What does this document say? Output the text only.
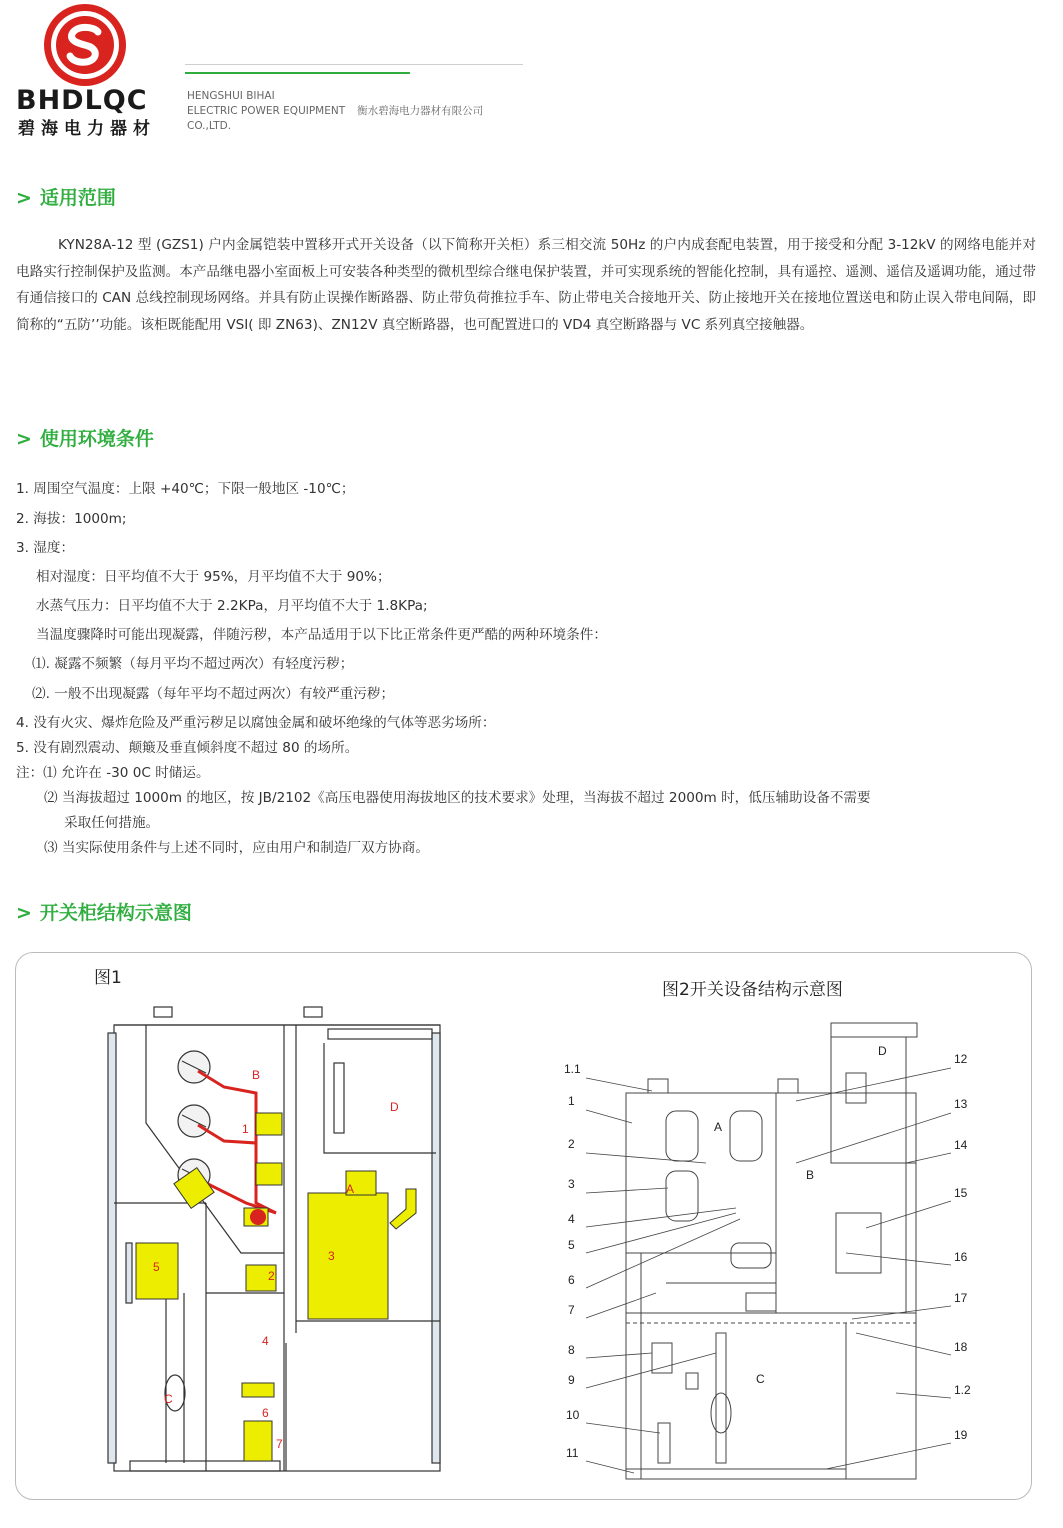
BHDLQC
碧海电力器材
HENGSHUI BIHAI
ELECTRIC POWER EQUIPMENT 衡水碧海电力器材有限公司
CO.,LTD.
> 适用范围
KYN28A-12 型 (GZS1) 户内金属铠装中置移开式开关设备（以下简称开关柜）系三相交流 50Hz 的户内成套配电装置，用于接受和分配 3-12kV 的网络电能并对电路实行控制保护及监测。本产品继电器小室面板上可安装各种类型的微机型综合继电保护装置，并可实现系统的智能化控制，具有遥控、遥测、遥信及遥调功能，通过带有通信接口的 CAN 总线控制现场网络。并具有防止误操作断路器、防止带负荷推拉手车、防止带电关合接地开关、防止接地开关在接地位置送电和防止误入带电间隔，即简称的“五防’’功能。该柜既能配用 VSI( 即 ZN63)、ZN12V 真空断路器，也可配置进口的 VD4 真空断路器与 VC 系列真空接触器。
> 使用环境条件
1. 周围空气温度：上限 +40℃；下限一般地区 -10℃；
2. 海拔：1000m;
3. 湿度：
相对湿度：日平均值不大于 95%，月平均值不大于 90%；
水蒸气压力：日平均值不大于 2.2KPa，月平均值不大于 1.8KPa;
当温度骤降时可能出现凝露，伴随污秽，本产品适用于以下比正常条件更严酷的两种环境条件：
⑴. 凝露不频繁（每月平均不超过两次）有轻度污秽；
⑵. 一般不出现凝露（每年平均不超过两次）有较严重污秽；
4. 没有火灾、爆炸危险及严重污秽足以腐蚀金属和破坏绝缘的气体等恶劣场所：
5. 没有剧烈震动、颠簸及垂直倾斜度不超过 80 的场所。
注：⑴ 允许在 -30 0C 时储运。
⑵ 当海拔超过 1000m 的地区，按 JB/2102《高压电器使用海拔地区的技术要求》处理，当海拔不超过 2000m 时，低压辅助设备不需要
采取任何措施。
⑶ 当实际使用条件与上述不同时，应由用户和制造厂双方协商。
> 开关柜结构示意图
图1
图2开关设备结构示意图
B
1
D
A
3
5
2
4
C
6
7
1.1
1
2
3
4
5
6
7
8
9
10
11
12
13
14
15
16
17
18
1.2
19
A
B
C
D
